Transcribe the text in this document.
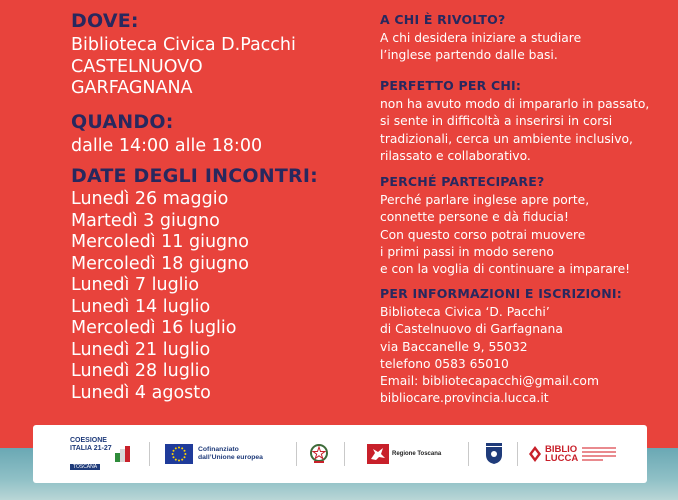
DOVE:
Biblioteca Civica D.Pacchi
CASTELNUOVO
GARFAGNANA
QUANDO:
dalle 14:00 alle 18:00
DATE DEGLI INCONTRI:
Lunedì 26 maggio
Martedì 3 giugno
Mercoledì 11 giugno
Mercoledì 18 giugno
Lunedì 7 luglio
Lunedì 14 luglio
Mercoledì 16 luglio
Lunedì 21 luglio
Lunedì 28 luglio
Lunedì 4 agosto
A CHI È RIVOLTO?
A chi desidera iniziare a studiare
l’inglese partendo dalle basi.
PERFETTO PER CHI:
non ha avuto modo di impararlo in passato,
si sente in difficoltà a inserirsi in corsi
tradizionali, cerca un ambiente inclusivo,
rilassato e collaborativo.
PERCHÉ PARTECIPARE?
Perché parlare inglese apre porte,
connette persone e dà fiducia!
Con questo corso potrai muovere
i primi passi in modo sereno
e con la voglia di continuare a imparare!
PER INFORMAZIONI E ISCRIZIONI:
Biblioteca Civica ‘D. Pacchi’
di Castelnuovo di Garfagnana
via Baccanelle 9, 55032
telefono 0583 65010
Email: bibliotecapacchi@gmail.com
bibliocare.provincia.lucca.it
COESIONE
ITALIA 21-27
TOSCANA
Cofinanziato
dall’Unione europea	Regione Toscana	BIBLIO
LUCCA
